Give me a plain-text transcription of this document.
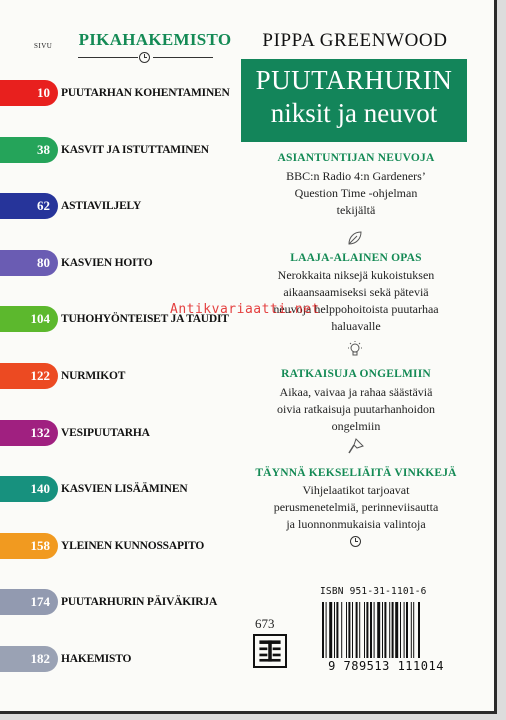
SIVU PIKAHAKEMISTO
10 PUUTARHAN KOHENTAMINEN
38 KASVIT JA ISTUTTAMINEN
62 ASTIAVILJELY
80 KASVIEN HOITO
104 TUHOHYÖNTEISET JA TAUDIT
122 NURMIKOT
132 VESIPUUTARHA
140 KASVIEN LISÄÄMINEN
158 YLEINEN KUNNOSSAPITO
174 PUUTARHURIN PÄIVÄKIRJA
182 HAKEMISTO
PIPPA GREENWOOD
PUUTARHURIN
niksit ja neuvot
ASIANTUNTIJAN NEUVOJA
BBC:n Radio 4:n Gardeners’
Question Time -ohjelman
tekijältä
LAAJA-ALAINEN OPAS
Nerokkaita niksejä kukoistuksen
aikaansaamiseksi sekä päteviä
neuvoja helppohoitoista puutarhaa
haluavalle
RATKAISUJA ONGELMIIN
Aikaa, vaivaa ja rahaa säästäviä
oivia ratkaisuja puutarhanhoidon
ongelmiin
TÄYNNÄ KEKSELIÄITÄ VINKKEJÄ
Vihjelaatikot tarjoavat
perusmenetelmiä, perinneviisautta
ja luonnonmukaisia valintoja
Antikvariaatti.net
673
ISBN 951-31-1101-6
9 789513 111014
